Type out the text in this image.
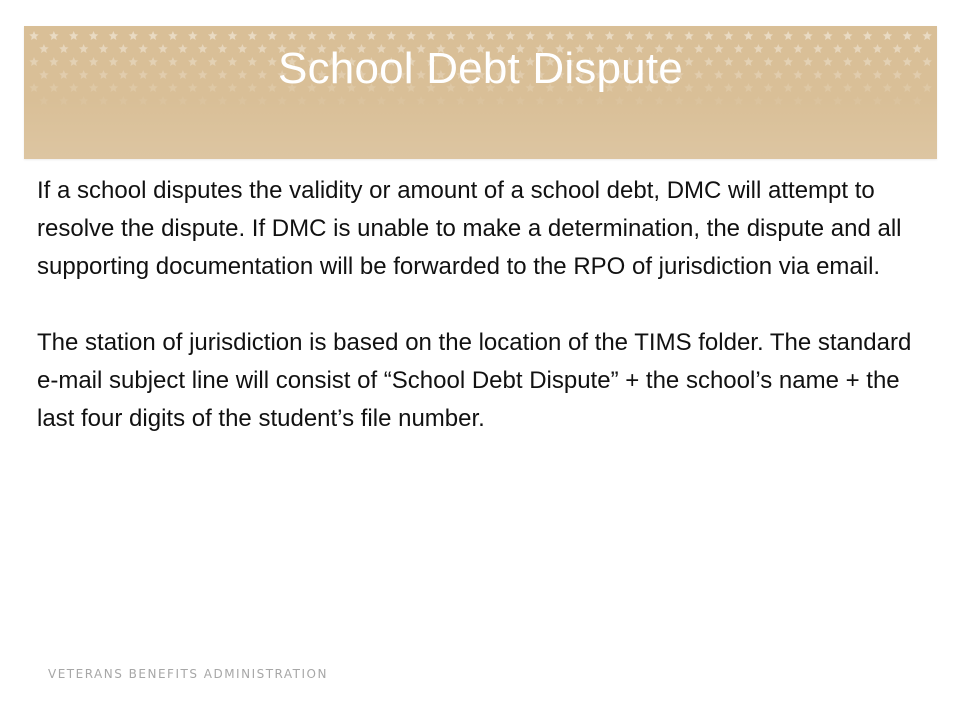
School Debt Dispute

If a school disputes the validity or amount of a school debt, DMC will attempt to resolve the dispute. If DMC is unable to make a determination, the dispute and all supporting documentation will be forwarded to the RPO of jurisdiction via email.

The station of jurisdiction is based on the location of the TIMS folder. The standard e-mail subject line will consist of “School Debt Dispute” + the school’s name + the last four digits of the student’s file number.

VETERANS BENEFITS ADMINISTRATION
